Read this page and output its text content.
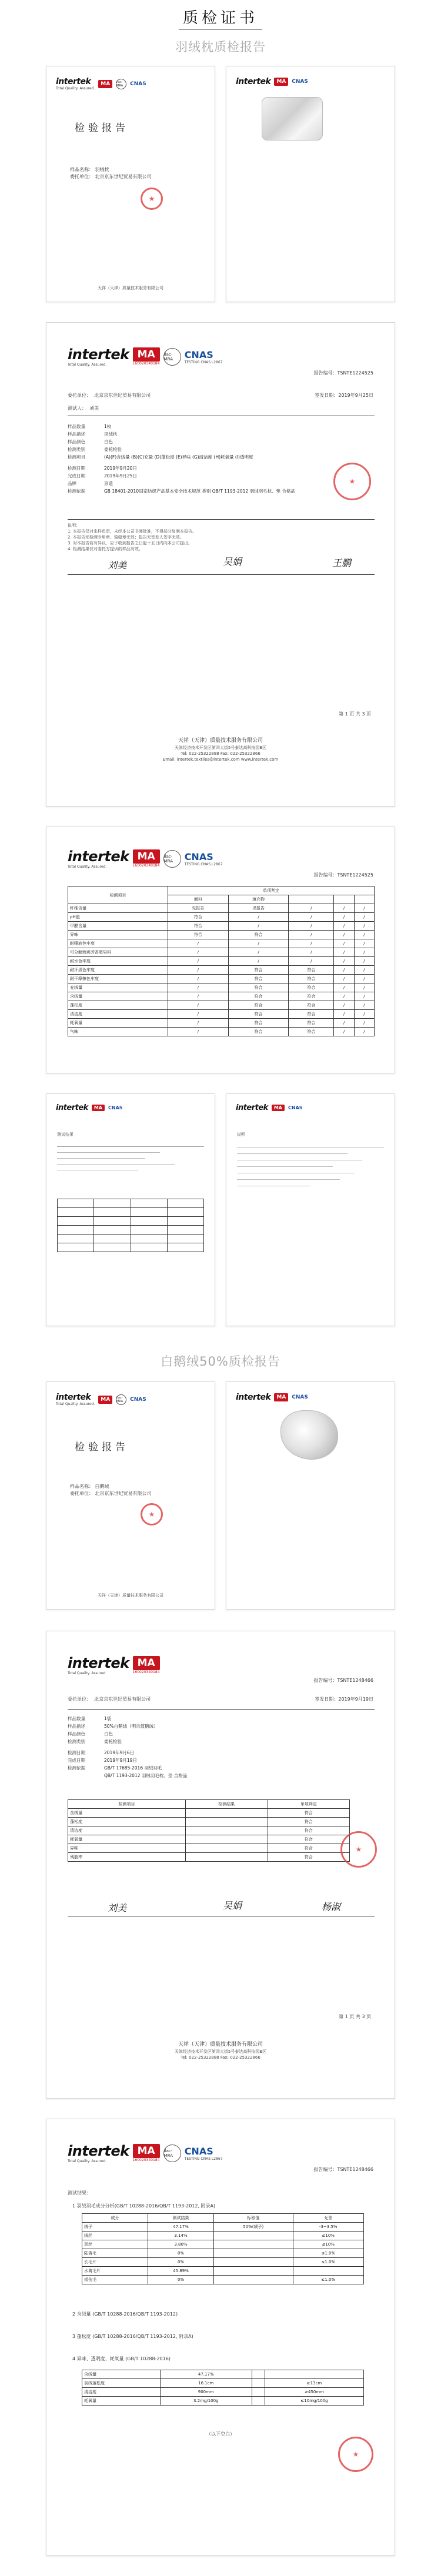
质检证书
羽绒枕质检报告
intertek
Total Quality. Assured.
MA	ilac-MRA	CNAS
检验报告
样品名称： 羽绒枕
委托单位： 北京京东世纪贸易有限公司
★
天祥（天津）质量技术服务有限公司
intertek	MA	CNAS
intertek
Total Quality. Assured.
MA
160020340184
ilac-MRA	CNAS
TESTING CNAS L2867
报告编号：TSNTE1224525
委托单位： 北京京东世纪贸易有限公司	签发日期：2019年9月25日
测试人： 刘美
样品数量	1枚
样品描述	羽绒枕
样品颜色	白色
检测类别	委托检验
检测项目	(A)(F)含绒量 (B)(C)充量 (D)蓬松度 (E)异味 (G)清洁度 (H)耗氧量 (I)透明度
检测日期	2019年9月20日
完成日期	2019年9月25日
品牌	京造
检测依据	GB 18401-2010国家纺织产品基本安全技术规范 类别 QB/T 1193-2012 羽绒羽毛枕、垫 合格品
★
说明：
1. 本报告仅对来样负责，未经本公司书面批准，不得部分复制本报告。
2. 本报告无检测专用章、骑缝章无效；报告无签发人签字无效。
3. 对本报告若有异议，应于收到报告之日起十五日内向本公司提出。
4. 检测结果仅对委托方提供的样品有效。
刘美	吴娟	王鹏
第 1 页 共 3 页
天祥（天津）质量技术服务有限公司
天津经济技术开发区第四大街5号泰达高科技园B区
Tel: 022-25322888 Fax: 022-25322866
Email: intertek.textiles@intertek.com www.intertek.com
intertek
Total Quality. Assured.
MA
160020340184
ilac-MRA	CNAS
TESTING CNAS L2867
报告编号：TSNTE1224525
检测项目	单项判定				
	面料	填充物			
纤维含量	见报告	见报告	/	/	/
pH值	符合	/	/	/	/
甲醛含量	符合	/	/	/	/
异味	符合	符合	/	/	/
耐唾液色牢度	/	/	/	/	/
可分解致癌芳香胺染料	/	/	/	/	/
耐水色牢度	/	/	/	/	/
耐汗渍色牢度	/	符合	符合	/	/
耐干摩擦色牢度	/	符合	符合	/	/
充绒量	/	符合	符合	/	/
含绒量	/	符合	符合	/	/
蓬松度	/	符合	符合	/	/
清洁度	/	符合	符合	/	/
耗氧量	/	符合	符合	/	/
气味	/	符合	符合	/	/
intertek	MA	CNAS
测试结果

intertek	MA	CNAS
说明
白鹅绒50%质检报告
intertek
Total Quality. Assured.
MA	ilac-MRA	CNAS
检验报告
样品名称： 白鹅绒
委托单位： 北京京东世纪贸易有限公司
★
天祥（天津）质量技术服务有限公司
intertek	MA	CNAS
intertek
Total Quality. Assured.
MA
160020340184
报告编号：TSNTE1248466
委托单位： 北京京东世纪贸易有限公司	签发日期：2019年9月19日
样品数量	1袋
样品描述	50%白鹅绒（明示值鹅绒）
样品颜色	白色
检测类别	委托检验
检测日期	2019年9月6日
完成日期	2019年9月19日
检测依据	GB/T 17685-2016 羽绒羽毛
QB/T 1193-2012 羽绒羽毛枕、垫 合格品
检测项目	检测结果	单项判定
含绒量		符合
蓬松度		符合
清洁度		符合
耗氧量		符合
异味		符合
残脂率		符合
★
刘美	吴娟	杨淑
第 1 页 共 3 页
天祥（天津）质量技术服务有限公司
天津经济技术开发区第四大街5号泰达高科技园B区
Tel: 022-25322888 Fax: 022-25322866
intertek
Total Quality. Assured.
MA
160020340184
ilac-MRA	CNAS
TESTING CNAS L2867
报告编号：TSNTE1248466
测试结果：
1 羽绒羽毛成分分析(GB/T 10288-2016/QB/T 1193-2012, 附录A)
成分	测试结果	标称值	允差
绒子	47.17%	50%(绒子)	-3~3.5%
绒丝	3.14%		≤10%
羽丝	3.80%		≤10%
陆禽毛	0%		≤1.0%
长毛片	0%		≤1.0%
水禽毛片	45.89%		
损伤毛	0%		≤1.0%
2 含绒量 (GB/T 10288-2016/QB/T 1193-2012)
3 蓬松度 (GB/T 10288-2016/QB/T 1193-2012, 附录A)
4 异味、透明度、耗氧量 (GB/T 10288-2016)
含绒量	47.17%		
羽绒蓬松度	16.1cm		≥13cm
清洁度	900mm		≥450mm
耗氧量	3.2mg/100g		≤10mg/100g
（以下空白）
★
